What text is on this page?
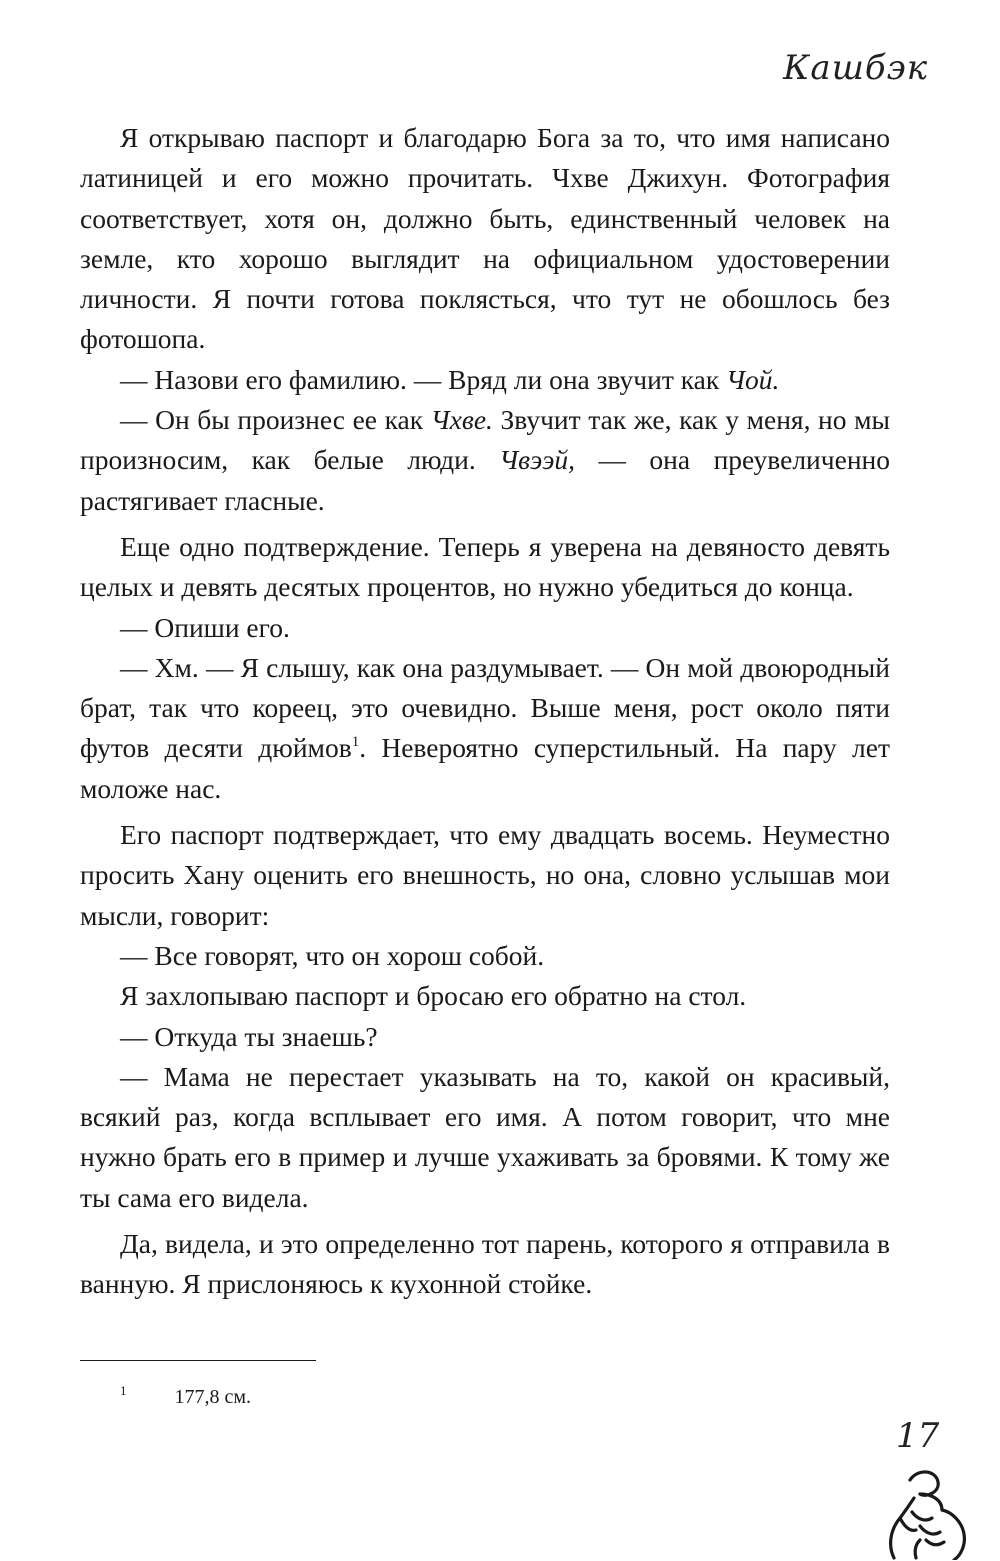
Кашбэк

Я открываю паспорт и благодарю Бога за то, что имя написано латиницей и его можно прочитать. Чхве Джихун. Фотография соответствует, хотя он, должно быть, единственный человек на земле, кто хорошо выглядит на официальном удостоверении личности. Я почти готова поклясться, что тут не обошлось без фотошопа.

— Назови его фамилию. — Вряд ли она звучит как Чой.

— Он бы произнес ее как Чхве. Звучит так же, как у меня, но мы произносим, как белые люди. Чвээй, — она преувеличенно растягивает гласные.

Еще одно подтверждение. Теперь я уверена на девяносто девять целых и девять десятых процентов, но нужно убедиться до конца.

— Опиши его.

— Хм. — Я слышу, как она раздумывает. — Он мой двоюродный брат, так что кореец, это очевидно. Выше меня, рост около пяти футов десяти дюймов$^1$. Невероятно суперстильный. На пару лет моложе нас.

Его паспорт подтверждает, что ему двадцать восемь. Неуместно просить Хану оценить его внешность, но она, словно услышав мои мысли, говорит:

— Все говорят, что он хорош собой.

Я захлопываю паспорт и бросаю его обратно на стол.

— Откуда ты знаешь?

— Мама не перестает указывать на то, какой он красивый, всякий раз, когда всплывает его имя. А потом говорит, что мне нужно брать его в пример и лучше ухаживать за бровями. К тому же ты сама его видела.

Да, видела, и это определенно тот парень, которого я отправила в ванную. Я прислоняюсь к кухонной стойке.

$^1$ 177,8 см.
17
